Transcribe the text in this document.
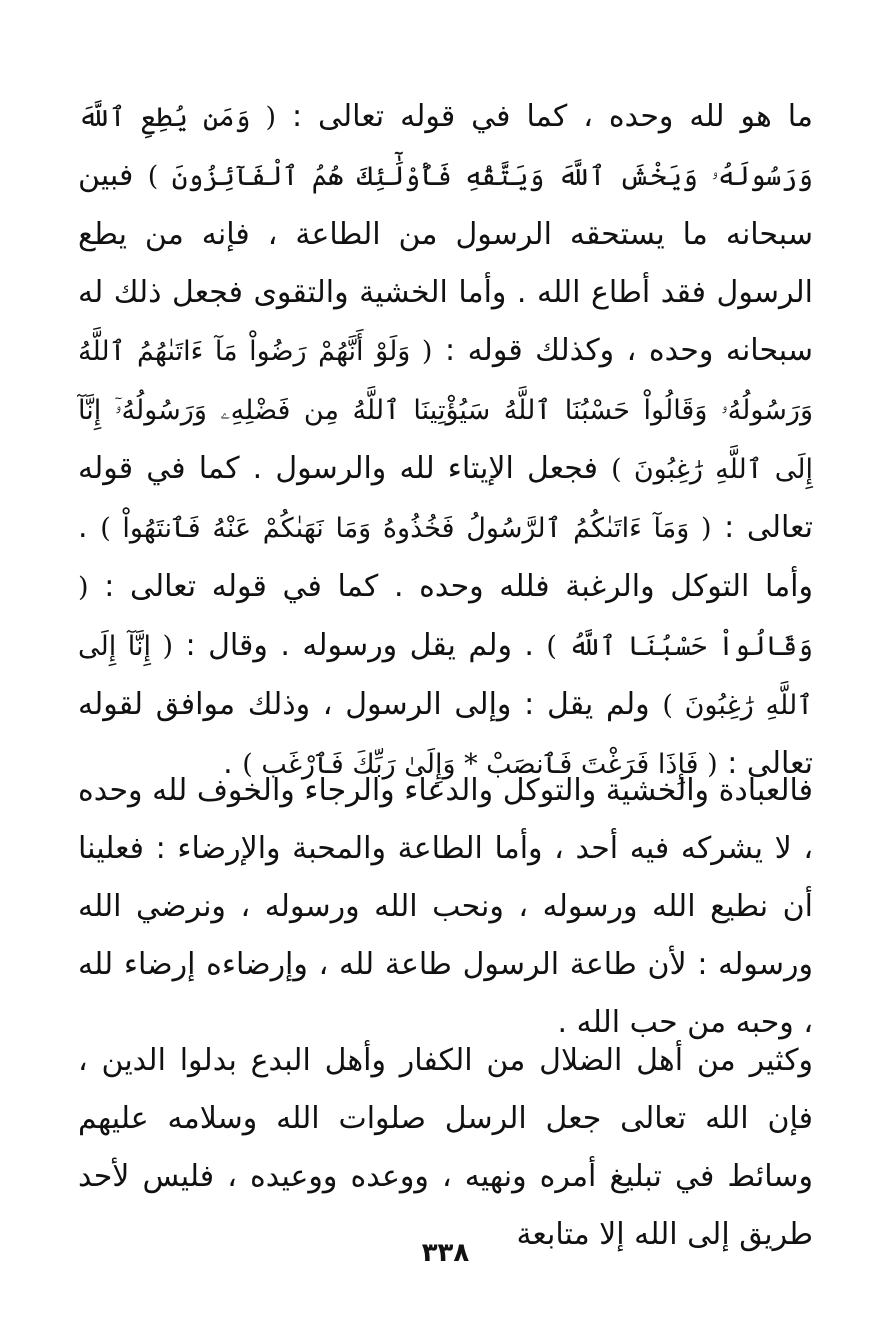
ما هو لله وحده ، كما في قوله تعالى : ( وَمَن يُطِعِ ٱللَّهَ وَرَسُولَهُۥ وَيَخْشَ ٱللَّهَ وَيَتَّقْهِ فَأُوْلَٰٓئِكَ هُمُ ٱلْفَآئِزُونَ ) فبين سبحانه ما يستحقه الرسول من الطاعة ، فإنه من يطع الرسول فقد أطاع الله . وأما الخشية والتقوى فجعل ذلك له سبحانه وحده ، وكذلك قوله : ( وَلَوْ أَنَّهُمْ رَضُواْ مَآ ءَاتَىٰهُمُ ٱللَّهُ وَرَسُولُهُۥ وَقَالُواْ حَسْبُنَا ٱللَّهُ سَيُؤْتِينَا ٱللَّهُ مِن فَضْلِهِۦ وَرَسُولُهُۥٓ إِنَّآ إِلَى ٱللَّهِ رَٰغِبُونَ ) فجعل الإيتاء لله والرسول . كما في قوله تعالى : ( وَمَآ ءَاتَىٰكُمُ ٱلرَّسُولُ فَخُذُوهُ وَمَا نَهَىٰكُمْ عَنْهُ فَٱنتَهُواْ ) . وأما التوكل والرغبة فلله وحده . كما في قوله تعالى : ( وَقَالُواْ حَسْبُنَا ٱللَّهُ ) . ولم يقل ورسوله . وقال : ( إِنَّآ إِلَى ٱللَّهِ رَٰغِبُونَ ) ولم يقل : وإلى الرسول ، وذلك موافق لقوله تعالى : ( فَإِذَا فَرَغْتَ فَٱنصَبْ * وَإِلَىٰ رَبِّكَ فَٱرْغَب ) .

فالعبادة والخشية والتوكل والدعاء والرجاء والخوف لله وحده ، لا يشركه فيه أحد ، وأما الطاعة والمحبة والإرضاء : فعلينا أن نطيع الله ورسوله ، ونحب الله ورسوله ، ونرضي الله ورسوله : لأن طاعة الرسول طاعة لله ، وإرضاءه إرضاء لله ، وحبه من حب الله .

وكثير من أهل الضلال من الكفار وأهل البدع بدلوا الدين ، فإن الله تعالى جعل الرسل صلوات الله وسلامه عليهم وسائط في تبليغ أمره ونهيه ، ووعده ووعيده ، فليس لأحد طريق إلى الله إلا متابعة

٣٣٨
